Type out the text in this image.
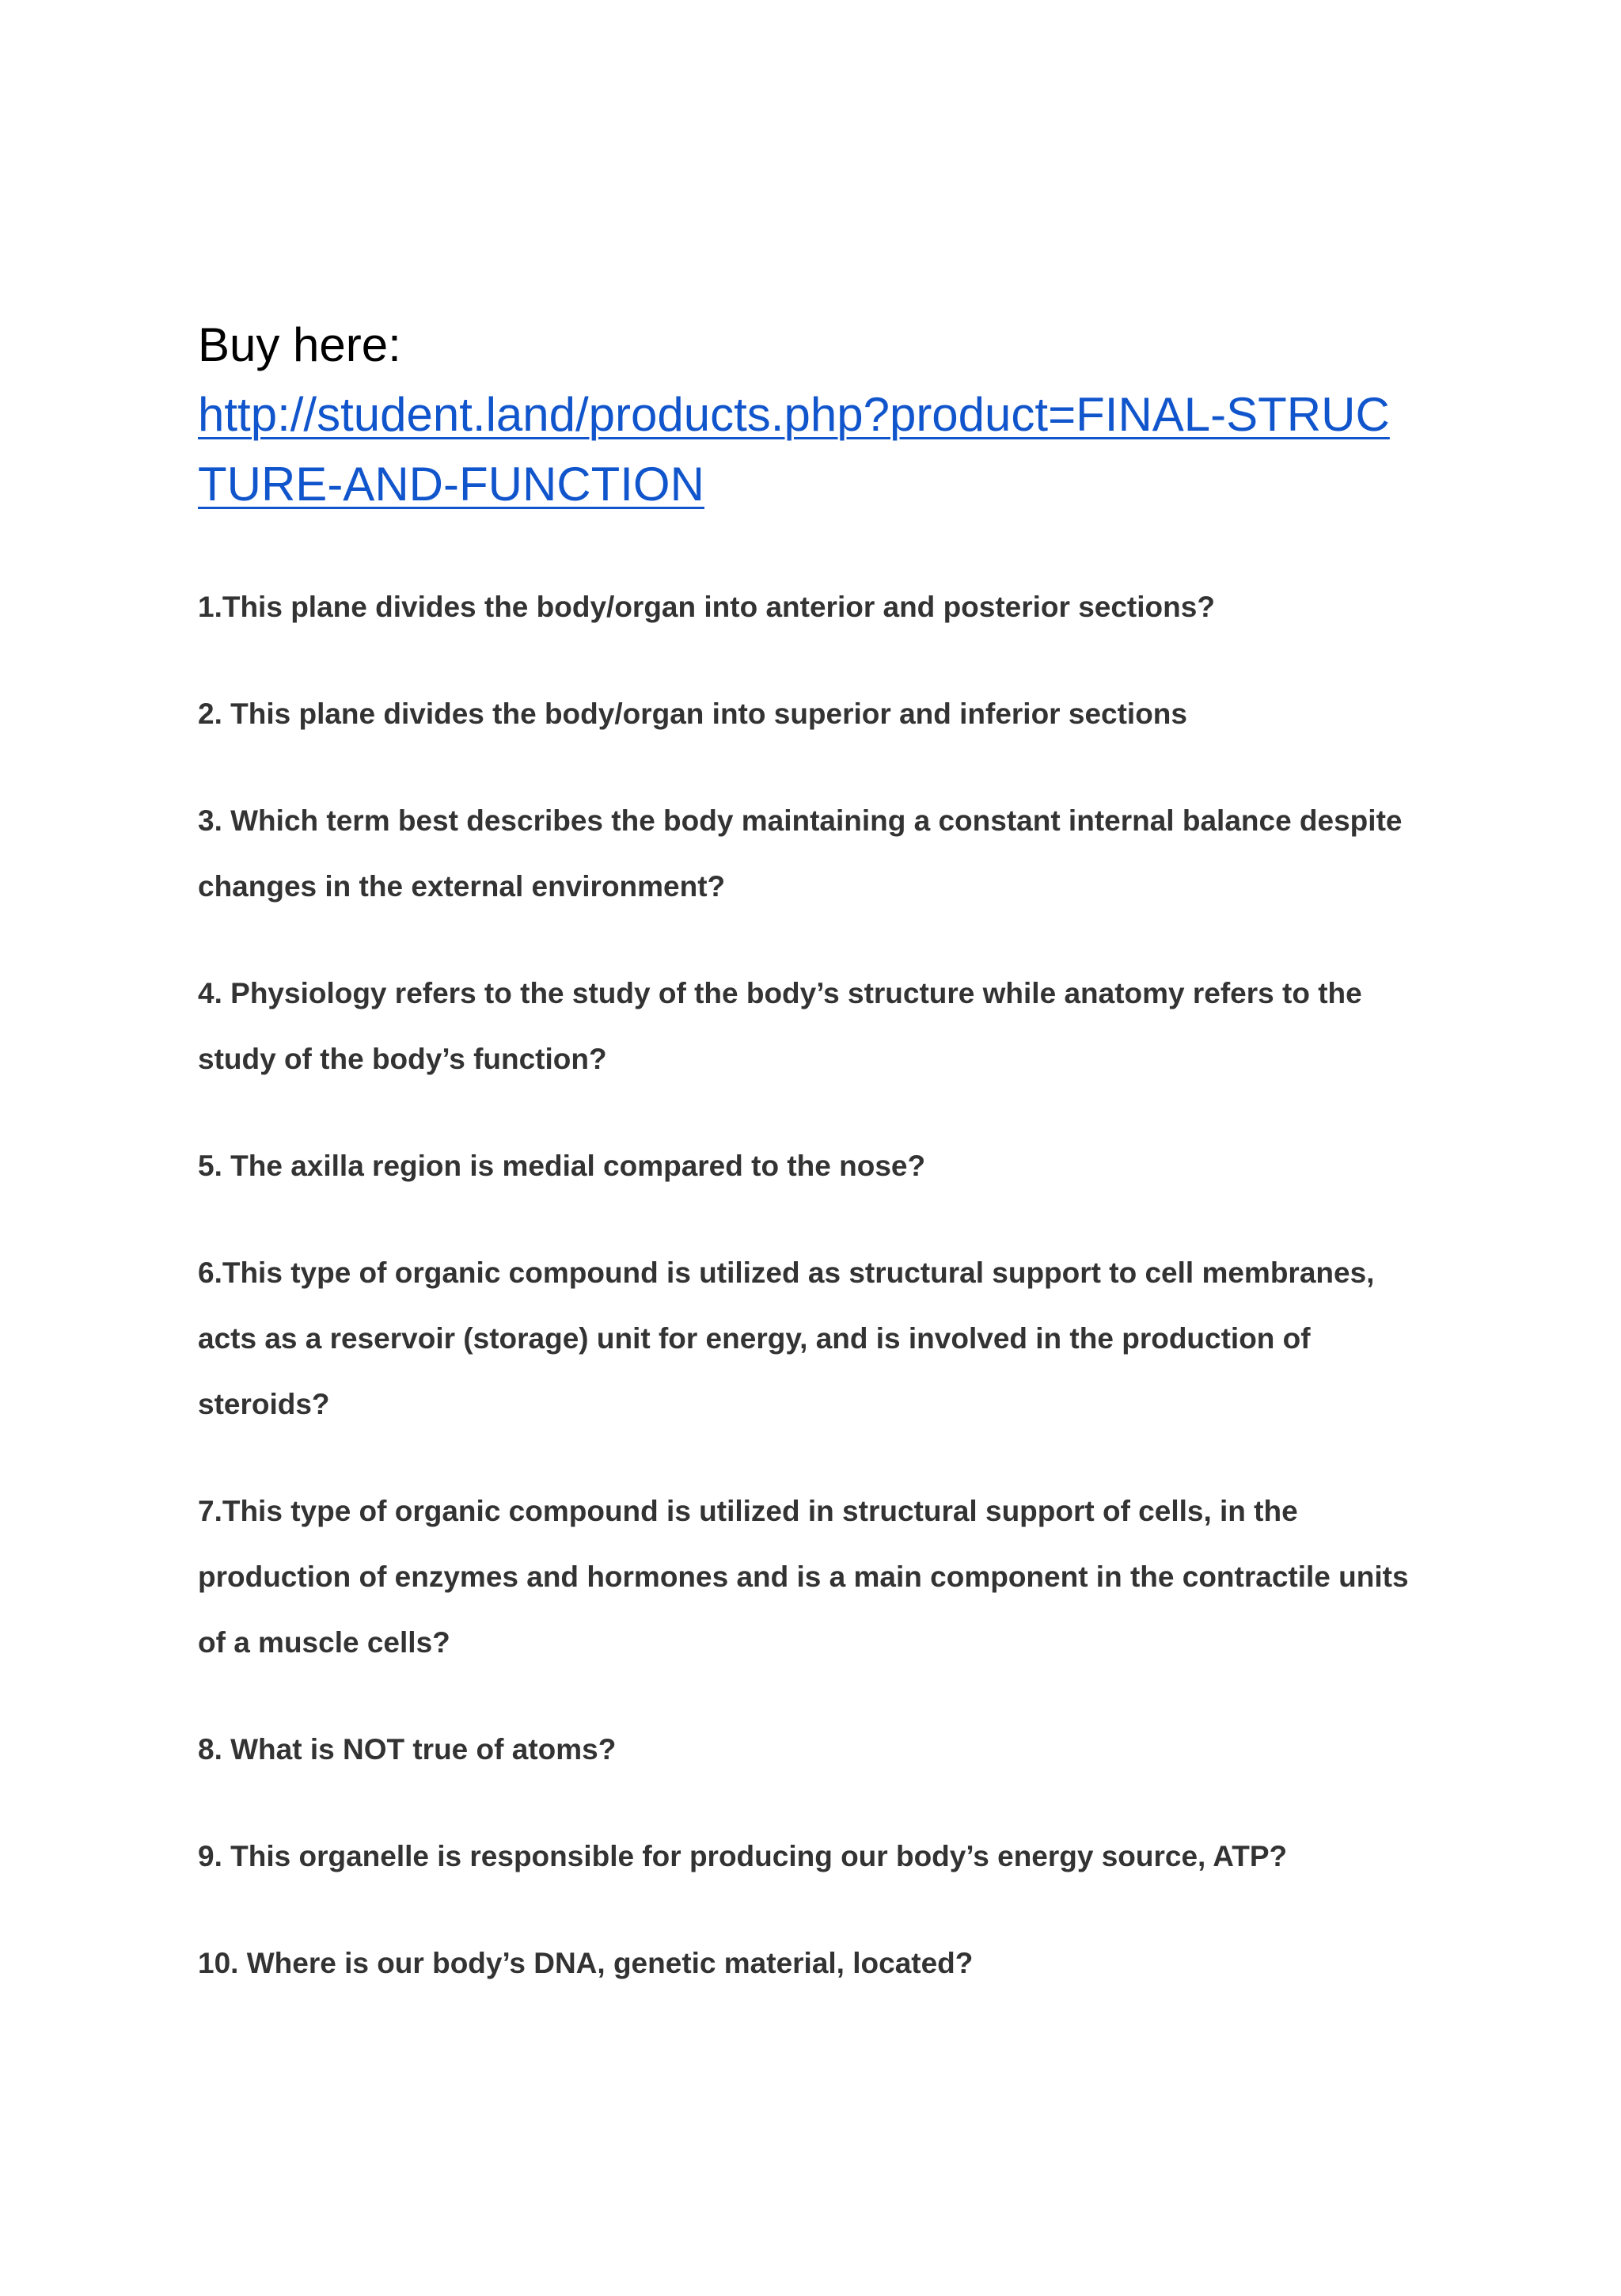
Buy here:

http://student.land/products.php?product=FINAL-STRUCTURE-AND-FUNCTION
1.This plane divides the body/organ into anterior and posterior sections?
2. This plane divides the body/organ into superior and inferior sections
3. Which term best describes the body maintaining a constant internal balance despite changes in the external environment?
4. Physiology refers to the study of the body’s structure while anatomy refers to the study of the body’s function?
5. The axilla region is medial compared to the nose?
6.This type of organic compound is utilized as structural support to cell membranes, acts as a reservoir (storage) unit for energy, and is involved in the production of steroids?
7.This type of organic compound is utilized in structural support of cells, in the production of enzymes and hormones and is a main component in the contractile units of a muscle cells?
8. What is NOT true of atoms?
9. This organelle is responsible for producing our body’s energy source, ATP?
10. Where is our body’s DNA, genetic material, located?
